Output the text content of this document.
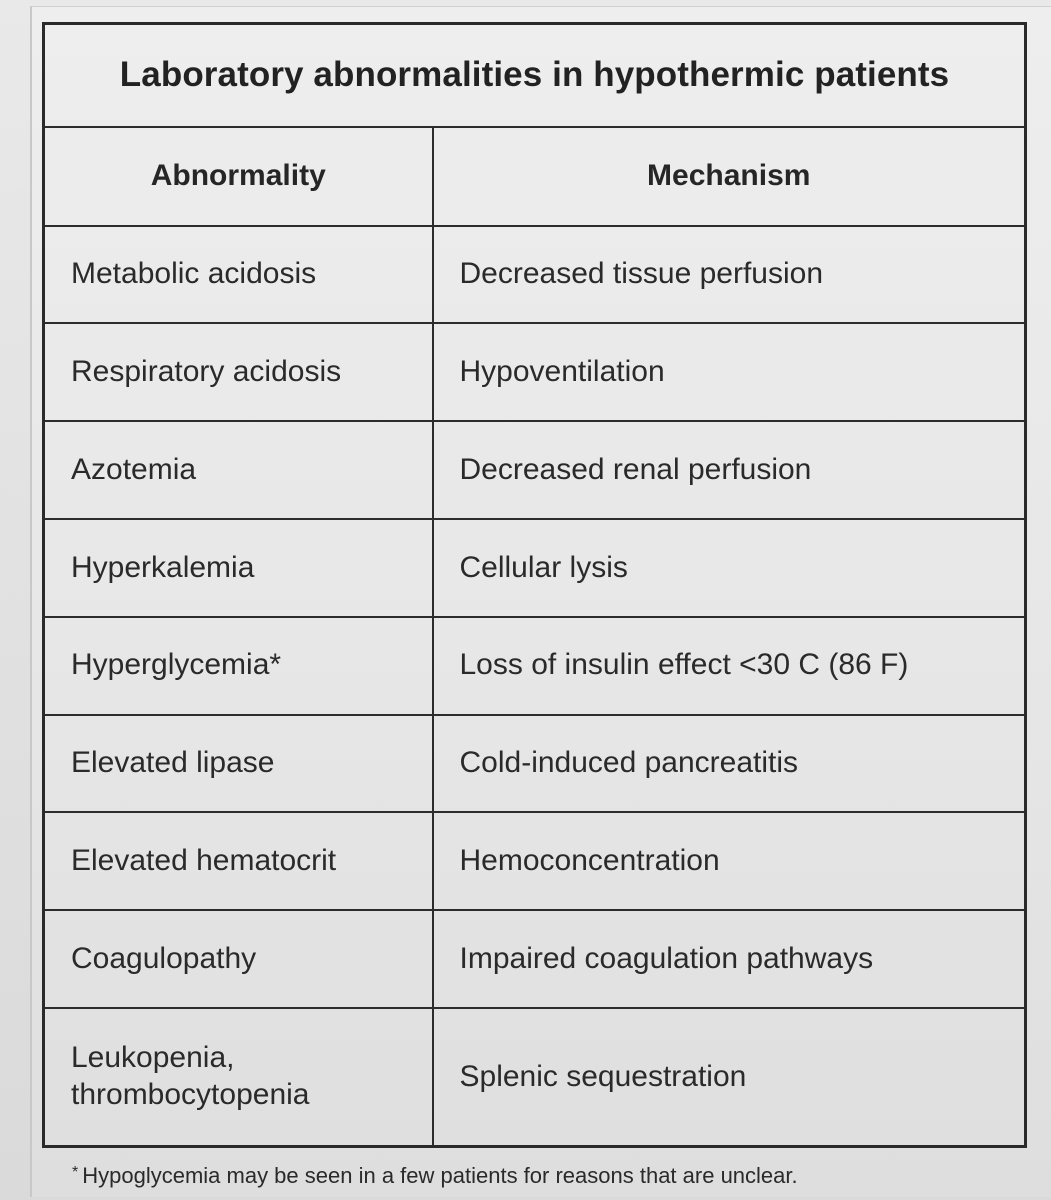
Laboratory abnormalities in hypothermic patients	
Abnormality	Mechanism
Metabolic acidosis	Decreased tissue perfusion
Respiratory acidosis	Hypoventilation
Azotemia	Decreased renal perfusion
Hyperkalemia	Cellular lysis
Hyperglycemia*	Loss of insulin effect <30 C (86 F)
Elevated lipase	Cold-induced pancreatitis
Elevated hematocrit	Hemoconcentration
Coagulopathy	Impaired coagulation pathways
Leukopenia,
thrombocytopenia	Splenic sequestration
* Hypoglycemia may be seen in a few patients for reasons that are unclear.
